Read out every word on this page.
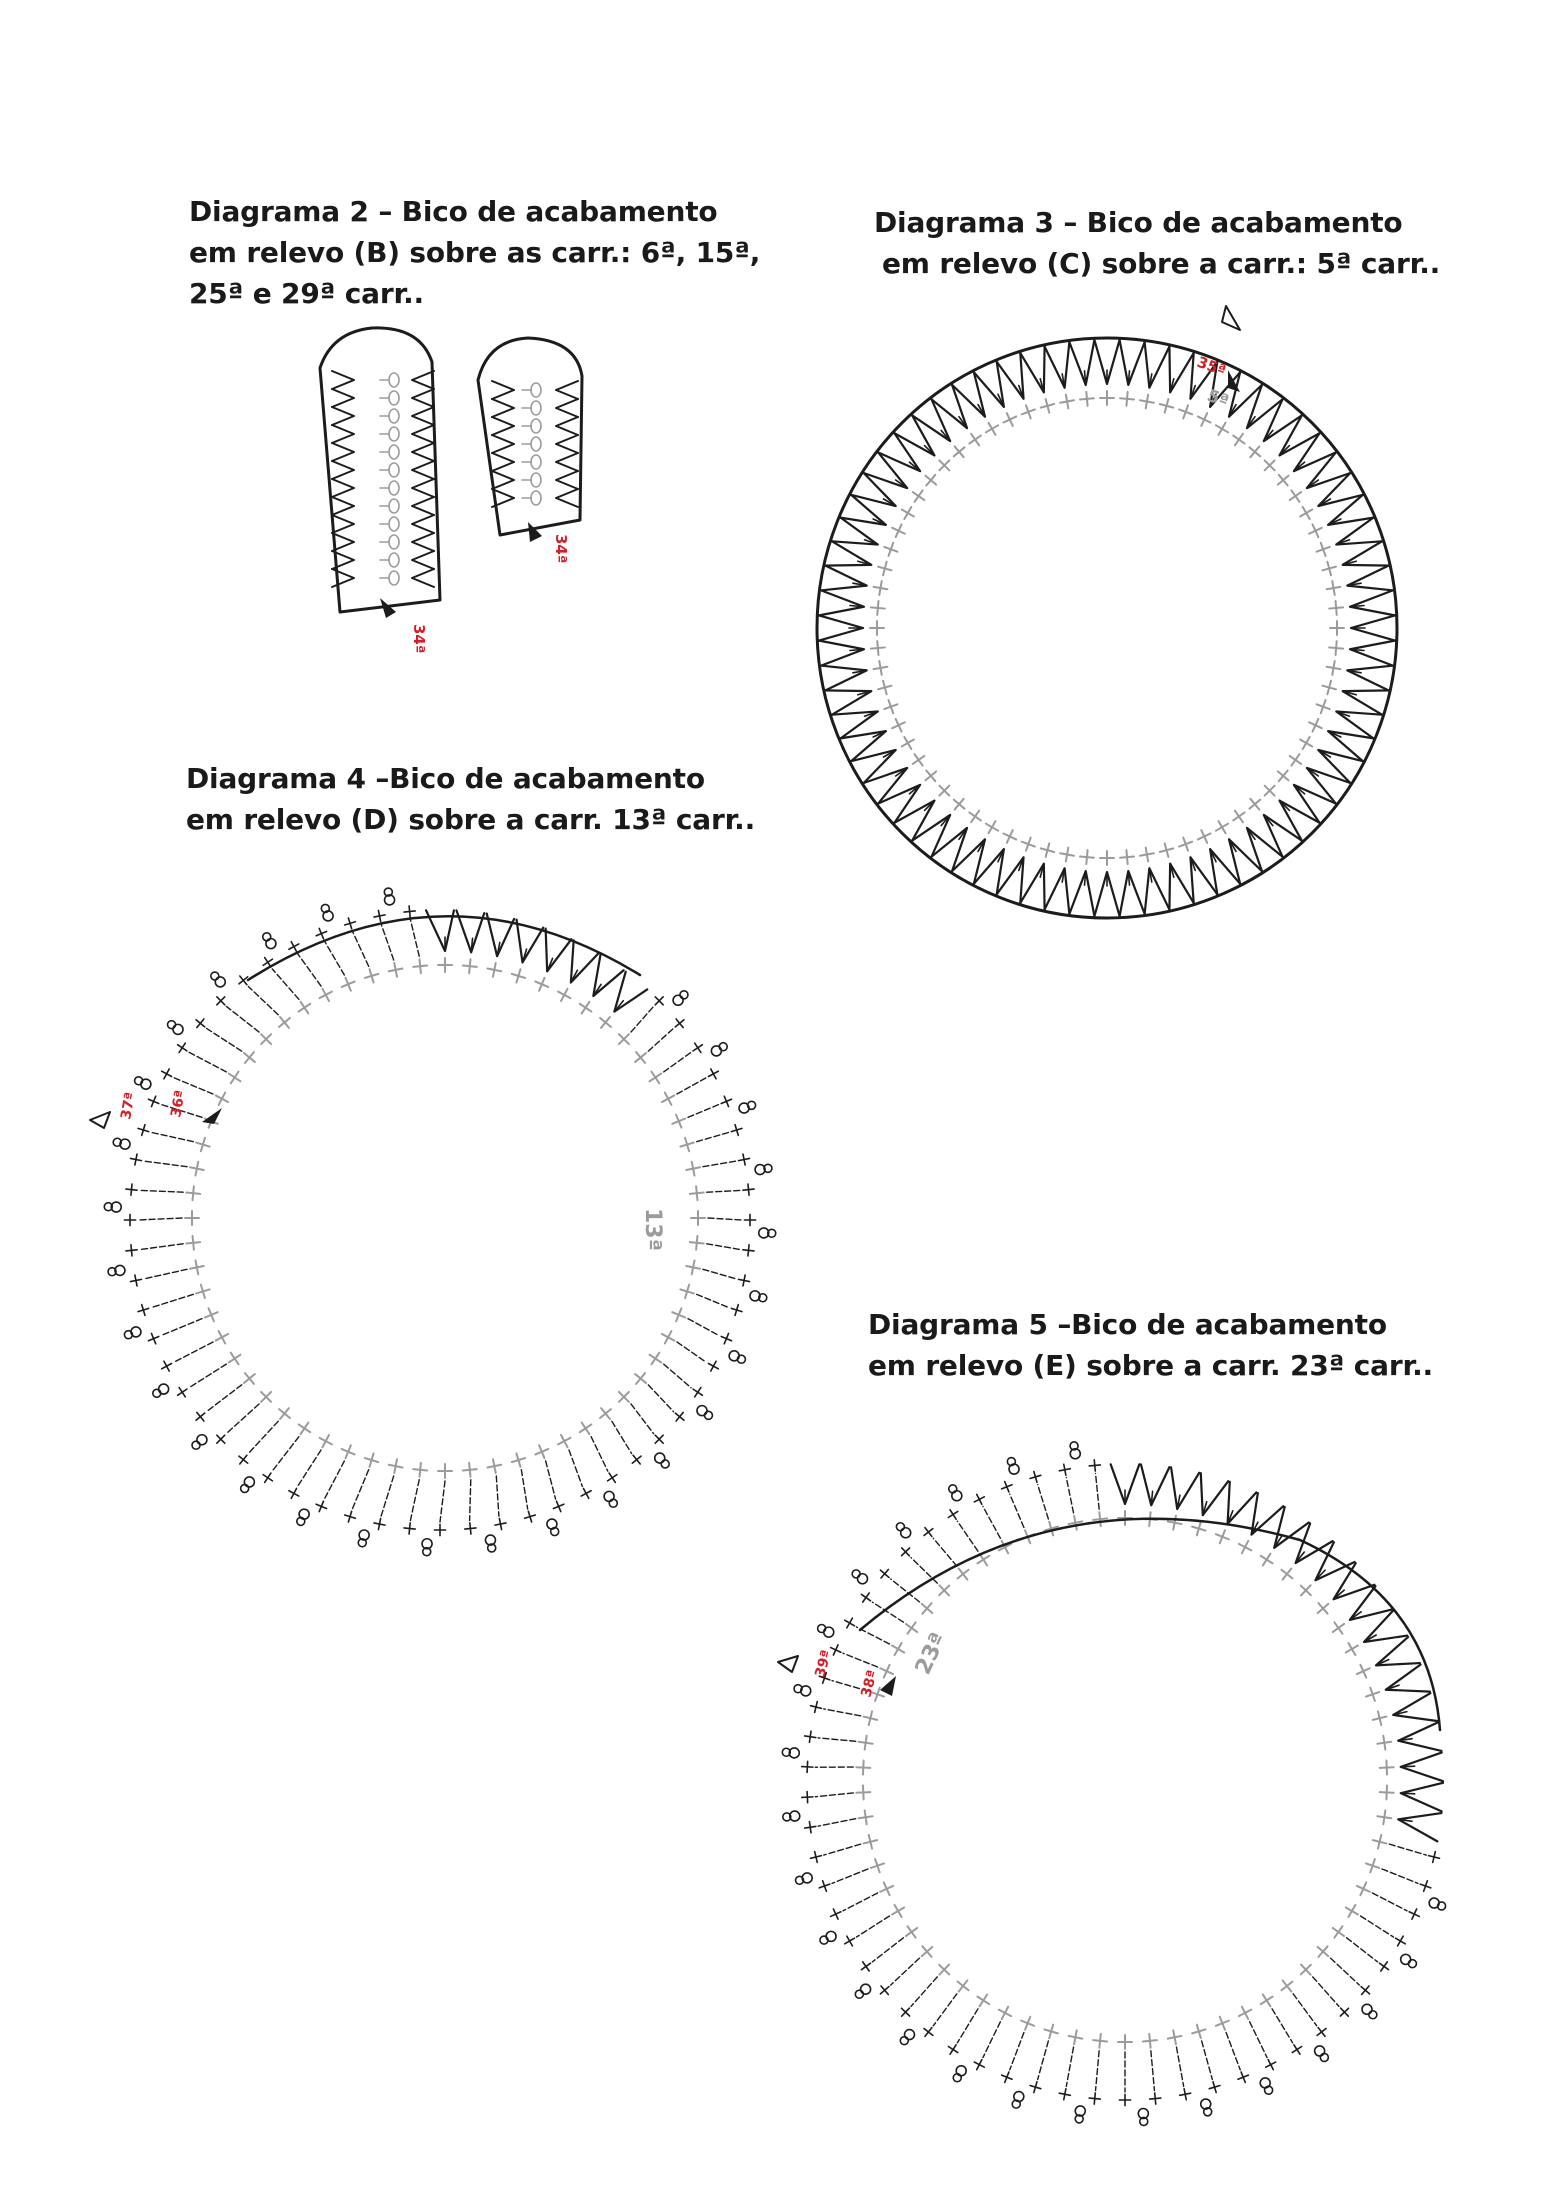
Diagrama 2 – Bico de acabamento
em relevo (B) sobre as carr.: 6ª, 15ª,
25ª e 29ª carr..
Diagrama 3 – Bico de acabamento
em relevo (C) sobre a carr.: 5ª carr..
Diagrama 4 –Bico de acabamento
em relevo (D) sobre a carr. 13ª carr..
Diagrama 5 –Bico de acabamento
em relevo (E) sobre a carr. 23ª carr..
34ª
34ª
35ª
5ª
37ª 36ª
13ª
39ª
38ª
23ª
